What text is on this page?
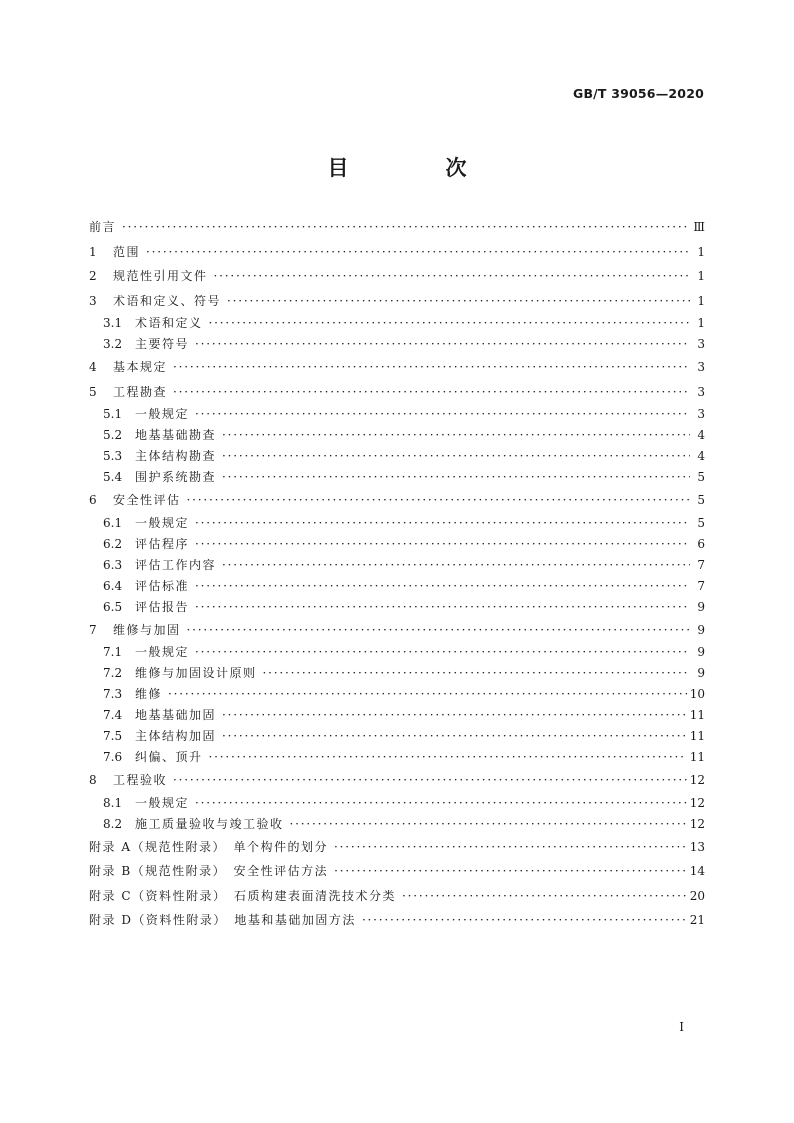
GB/T 39056—2020
目　次
前言 ·····	Ⅲ
1	范围 ·····	1
2	规范性引用文件 ·····	1
3	术语和定义、符号 ·····	1
3.1	术语和定义 ·····	1
3.2	主要符号 ·····	3
4	基本规定 ·····	3
5	工程勘查 ·····	3
5.1	一般规定 ·····	3
5.2	地基基础勘查 ·····	4
5.3	主体结构勘查 ·····	4
5.4	围护系统勘查 ·····	5
6	安全性评估 ·····	5
6.1	一般规定 ·····	5
6.2	评估程序 ·····	6
6.3	评估工作内容 ·····	7
6.4	评估标准 ·····	7
6.5	评估报告 ·····	9
7	维修与加固 ·····	9
7.1	一般规定 ·····	9
7.2	维修与加固设计原则 ·····	9
7.3	维修 ·····	10
7.4	地基基础加固 ·····	11
7.5	主体结构加固 ·····	11
7.6	纠偏、顶升 ·····	11
8	工程验收 ·····	12
8.1	一般规定 ·····	12
8.2	施工质量验收与竣工验收 ·····	12
附录 A（规范性附录）　单个构件的划分 ·····	13
附录 B（规范性附录）　安全性评估方法 ·····	14
附录 C（资料性附录）　石质构建表面清洗技术分类 ·····	20
附录 D（资料性附录）　地基和基础加固方法 ·····	21
I
